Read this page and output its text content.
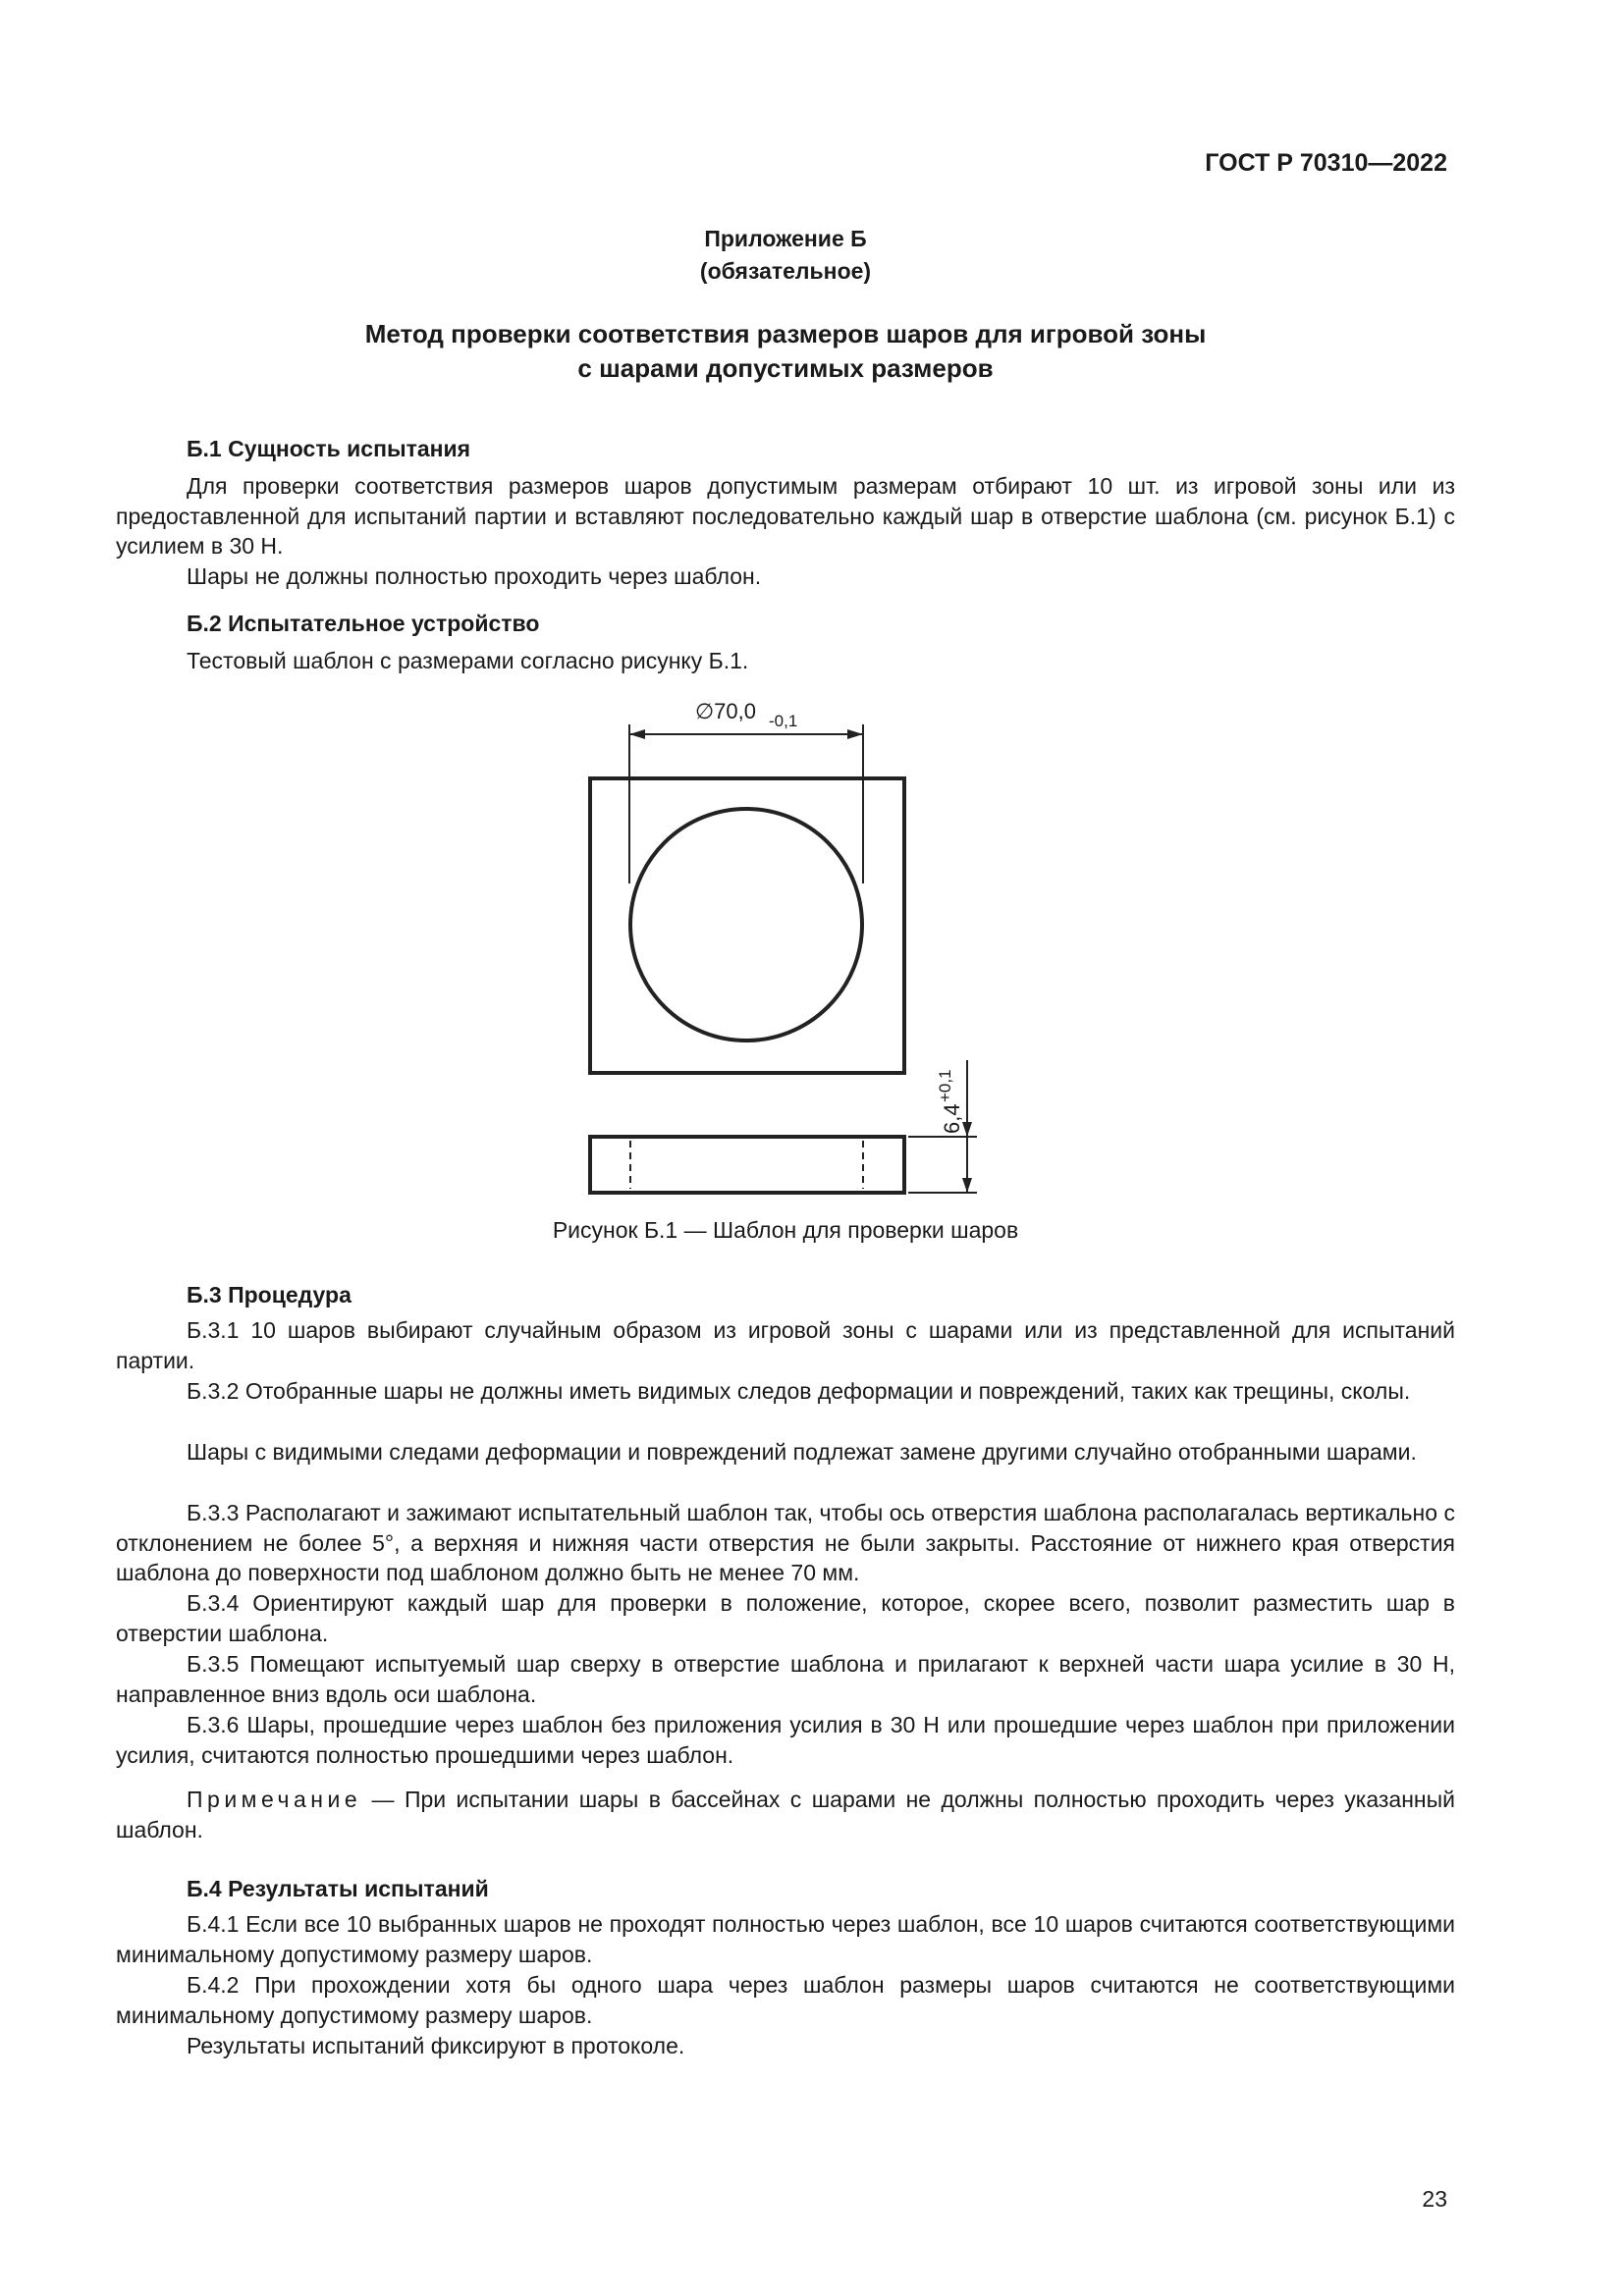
ГОСТ Р 70310—2022
Приложение Б
(обязательное)
Метод проверки соответствия размеров шаров для игровой зоны
с шарами допустимых размеров
Б.1 Сущность испытания
Для проверки соответствия размеров шаров допустимым размерам отбирают 10 шт. из игровой зоны или из предоставленной для испытаний партии и вставляют последовательно каждый шар в отверстие шаблона (см. рисунок Б.1) с усилием в 30 Н.
Шары не должны полностью проходить через шаблон.
Б.2 Испытательное устройство
Тестовый шаблон с размерами согласно рисунку Б.1.
∅70,0 -0,1
6,4
+0,1
Рисунок Б.1 — Шаблон для проверки шаров
Б.3 Процедура
Б.3.1 10 шаров выбирают случайным образом из игровой зоны с шарами или из представленной для испытаний партии.
Б.3.2 Отобранные шары не должны иметь видимых следов деформации и повреждений, таких как трещины, сколы.
Шары с видимыми следами деформации и повреждений подлежат замене другими случайно отобранными шарами.
Б.3.3 Располагают и зажимают испытательный шаблон так, чтобы ось отверстия шаблона располагалась вертикально с отклонением не более 5°, а верхняя и нижняя части отверстия не были закрыты. Расстояние от нижнего края отверстия шаблона до поверхности под шаблоном должно быть не менее 70 мм.
Б.3.4 Ориентируют каждый шар для проверки в положение, которое, скорее всего, позволит разместить шар в отверстии шаблона.
Б.3.5 Помещают испытуемый шар сверху в отверстие шаблона и прилагают к верхней части шара усилие в 30 Н, направленное вниз вдоль оси шаблона.
Б.3.6 Шары, прошедшие через шаблон без приложения усилия в 30 Н или прошедшие через шаблон при приложении усилия, считаются полностью прошедшими через шаблон.
Примечание — При испытании шары в бассейнах с шарами не должны полностью проходить через указанный шаблон.
Б.4 Результаты испытаний
Б.4.1 Если все 10 выбранных шаров не проходят полностью через шаблон, все 10 шаров считаются соответствующими минимальному допустимому размеру шаров.
Б.4.2 При прохождении хотя бы одного шара через шаблон размеры шаров считаются не соответствующими минимальному допустимому размеру шаров.
Результаты испытаний фиксируют в протоколе.
23
